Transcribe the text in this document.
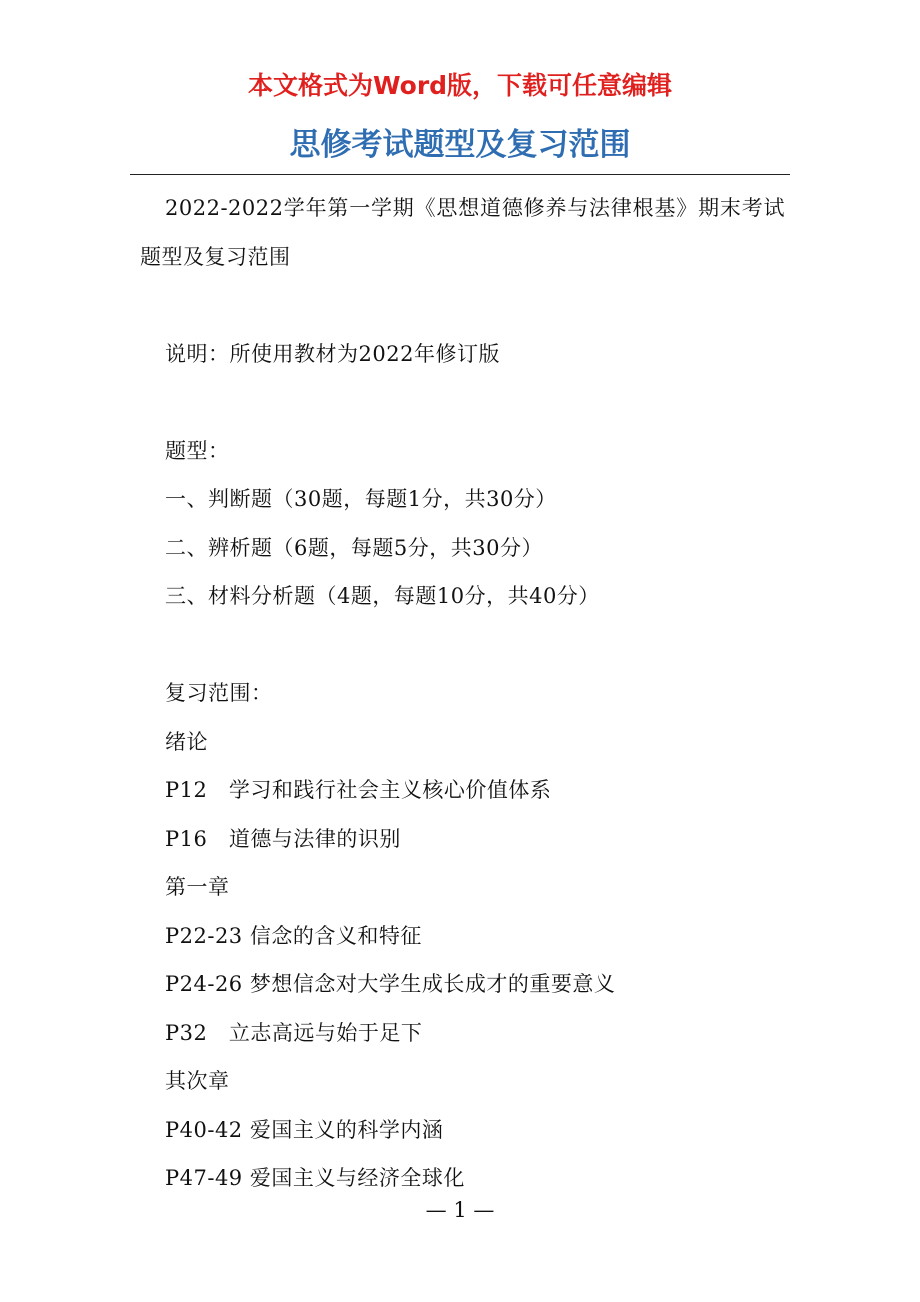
本文格式为Word版，下载可任意编辑
思修考试题型及复习范围

2022-2022学年第一学期《思想道德修养与法律根基》期末考试题型及复习范围

说明：所使用教材为2022年修订版

题型：

一、判断题（30题，每题1分，共30分）

二、辨析题（6题，每题5分，共30分）

三、材料分析题（4题，每题10分，共40分）

复习范围：

绪论

P12　学习和践行社会主义核心价值体系

P16　道德与法律的识别

第一章

P22-23 信念的含义和特征

P24-26 梦想信念对大学生成长成才的重要意义

P32　立志高远与始于足下

其次章

P40-42 爱国主义的科学内涵

P47-49 爱国主义与经济全球化

— 1 —
